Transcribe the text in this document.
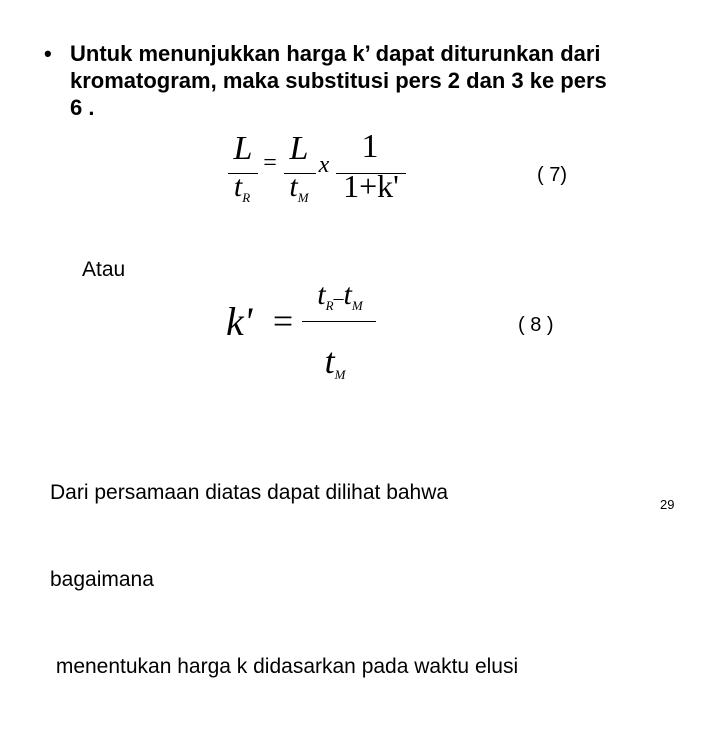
• Untuk menunjukkan harga k’ dapat diturunkan dari
kromatogram, maka substitusi pers 2 dan 3 ke pers
6 .
L
$t_R$
= L
$t_M$
x 1
1+k'	( 7)
Atau
k' =
$t_R-t_M$
tM
( 8 )

Dari persamaan diatas dapat dilihat bahwa

bagaimana

menentukan harga k didasarkan pada waktu elusi

29
